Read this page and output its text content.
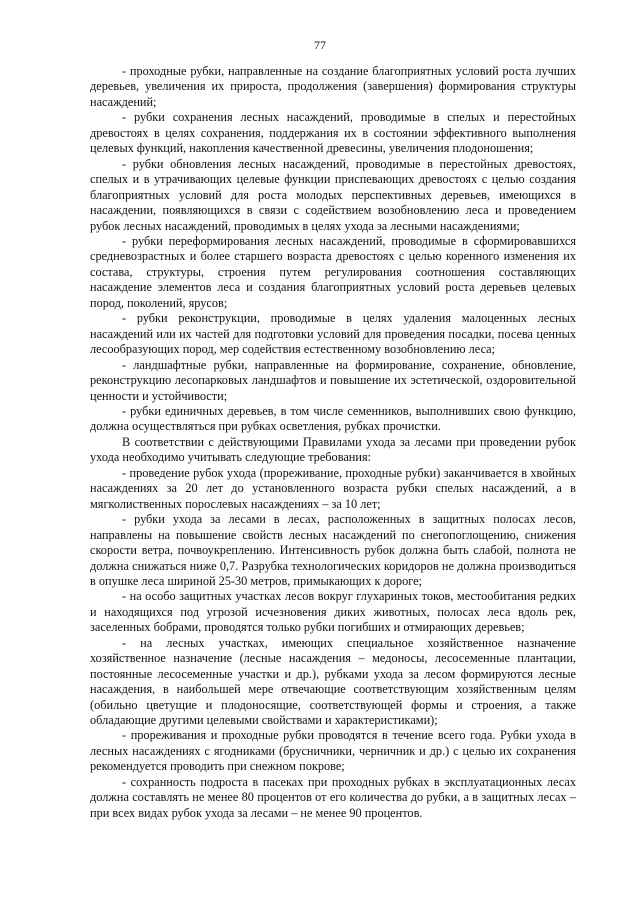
77

- проходные рубки, направленные на создание благоприятных условий роста лучших деревьев, увеличения их прироста, продолжения (завершения) формирования структуры насаждений;

- рубки сохранения лесных насаждений, проводимые в спелых и перестойных древостоях в целях сохранения, поддержания их в состоянии эффективного выполнения целевых функций, накопления качественной древесины, увеличения плодоношения;

- рубки обновления лесных насаждений, проводимые в перестойных древостоях, спелых и в утрачивающих целевые функции приспевающих древостоях с целью создания благоприятных условий для роста молодых перспективных деревьев, имеющихся в насаждении, появляющихся в связи с содействием возобновлению леса и проведением рубок лесных насаждений, проводимых в целях ухода за лесными насаждениями;

- рубки переформирования лесных насаждений, проводимые в сформировавшихся средневозрастных и более старшего возраста древостоях с целью коренного изменения их состава, структуры, строения путем регулирования соотношения составляющих насаждение элементов леса и создания благоприятных условий роста деревьев целевых пород, поколений, ярусов;

- рубки реконструкции, проводимые в целях удаления малоценных лесных насаждений или их частей для подготовки условий для проведения посадки, посева ценных лесообразующих пород, мер содействия естественному возобновлению леса;

- ландшафтные рубки, направленные на формирование, сохранение, обновление, реконструкцию лесопарковых ландшафтов и повышение их эстетической, оздоровительной ценности и устойчивости;

- рубки единичных деревьев, в том числе семенников, выполнивших свою функцию, должна осуществляться при рубках осветления, рубках прочистки.

В соответствии с действующими Правилами ухода за лесами при проведении рубок ухода необходимо учитывать следующие требования:

- проведение рубок ухода (прореживание, проходные рубки) заканчивается в хвойных насаждениях за 20 лет до установленного возраста рубки спелых насаждений, а в мягколиственных порослевых насаждениях – за 10 лет;

- рубки ухода за лесами в лесах, расположенных в защитных полосах лесов, направлены на повышение свойств лесных насаждений по снегопоглощению, снижения скорости ветра, почвоукреплению. Интенсивность рубок должна быть слабой, полнота не должна снижаться ниже 0,7. Разрубка технологических коридоров не должна производиться в опушке леса шириной 25-30 метров, примыкающих к дороге;

- на особо защитных участках лесов вокруг глухариных токов, местообитания редких и находящихся под угрозой исчезновения диких животных, полосах леса вдоль рек, заселенных бобрами, проводятся только рубки погибших и отмирающих деревьев;

- на лесных участках, имеющих специальное хозяйственное назначение хозяйственное назначение (лесные насаждения – медоносы, лесосеменные плантации, постоянные лесосеменные участки и др.), рубками ухода за лесом формируются лесные насаждения, в наибольшей мере отвечающие соответствующим хозяйственным целям (обильно цветущие и плодоносящие, соответствующей формы и строения, а также обладающие другими целевыми свойствами и характеристиками);

- прореживания и проходные рубки проводятся в течение всего года. Рубки ухода в лесных насаждениях с ягодниками (брусничники, черничник и др.) с целью их сохранения рекомендуется проводить при снежном покрове;

- сохранность подроста в пасеках при проходных рубках в эксплуатационных лесах должна составлять не менее 80 процентов от его количества до рубки, а в защитных лесах – при всех видах рубок ухода за лесами – не менее 90 процентов.
